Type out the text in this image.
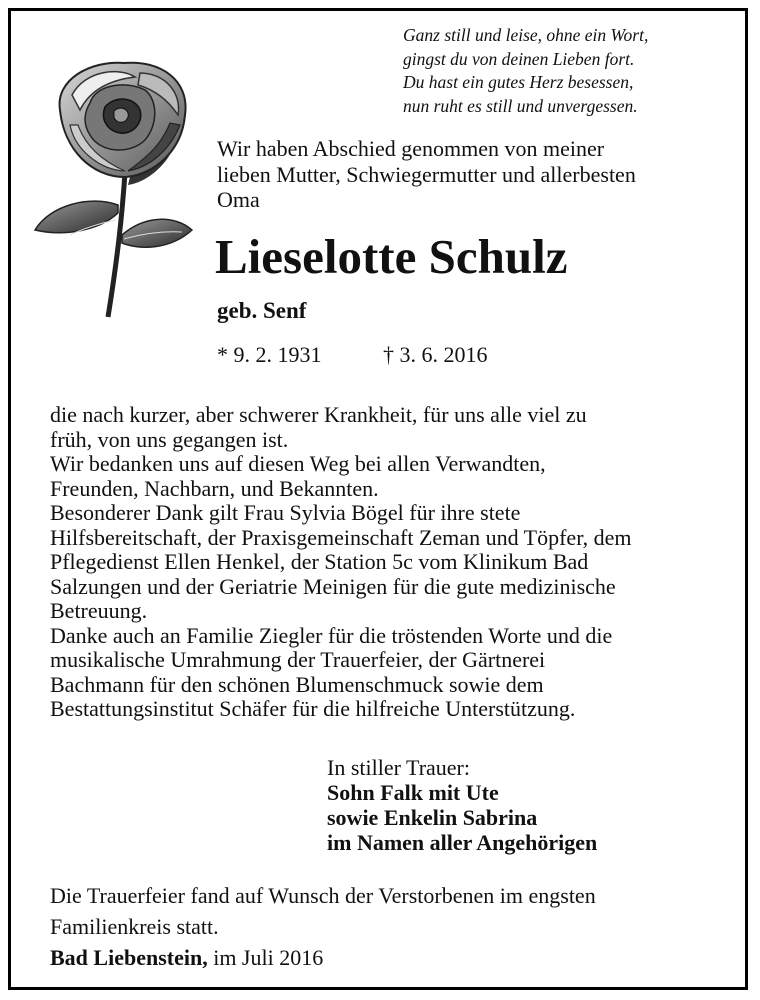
Ganz still und leise, ohne ein Wort,
gingst du von deinen Lieben fort.
Du hast ein gutes Herz besessen,
nun ruht es still und unvergessen.
Wir haben Abschied genommen von meiner
lieben Mutter, Schwiegermutter und allerbesten
Oma
Lieselotte Schulz
geb. Senf
* 9. 2. 1931	† 3. 6. 2016
die nach kurzer, aber schwerer Krankheit, für uns alle viel zu
früh, von uns gegangen ist.
Wir bedanken uns auf diesen Weg bei allen Verwandten,
Freunden, Nachbarn, und Bekannten.
Besonderer Dank gilt Frau Sylvia Bögel für ihre stete
Hilfsbereitschaft, der Praxisgemeinschaft Zeman und Töpfer, dem
Pflegedienst Ellen Henkel, der Station 5c vom Klinikum Bad
Salzungen und der Geriatrie Meinigen für die gute medizinische
Betreuung.
Danke auch an Familie Ziegler für die tröstenden Worte und die
musikalische Umrahmung der Trauerfeier, der Gärtnerei
Bachmann für den schönen Blumenschmuck sowie dem
Bestattungsinstitut Schäfer für die hilfreiche Unterstützung.
In stiller Trauer:
Sohn Falk mit Ute
sowie Enkelin Sabrina
im Namen aller Angehörigen
Die Trauerfeier fand auf Wunsch der Verstorbenen im engsten
Familienkreis statt.
Bad Liebenstein, im Juli 2016
